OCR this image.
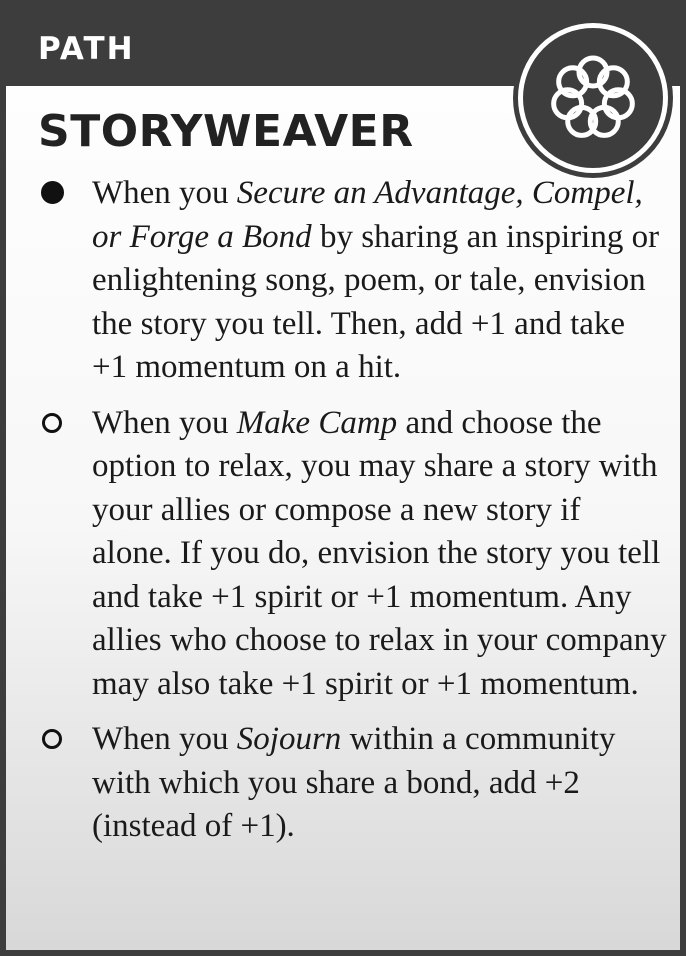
PATH
STORYWEAVER
When you Secure an Advantage, Compel, or Forge a Bond by sharing an inspiring or enlightening song, poem, or tale, envision the story you tell. Then, add +1 and take +1 momentum on a hit.
When you Make Camp and choose the option to relax, you may share a story with your allies or compose a new story if alone. If you do, envision the story you tell and take +1 spirit or +1 momentum. Any allies who choose to relax in your company may also take +1 spirit or +1 momentum.
When you Sojourn within a community with which you share a bond, add +2 (instead of +1).
